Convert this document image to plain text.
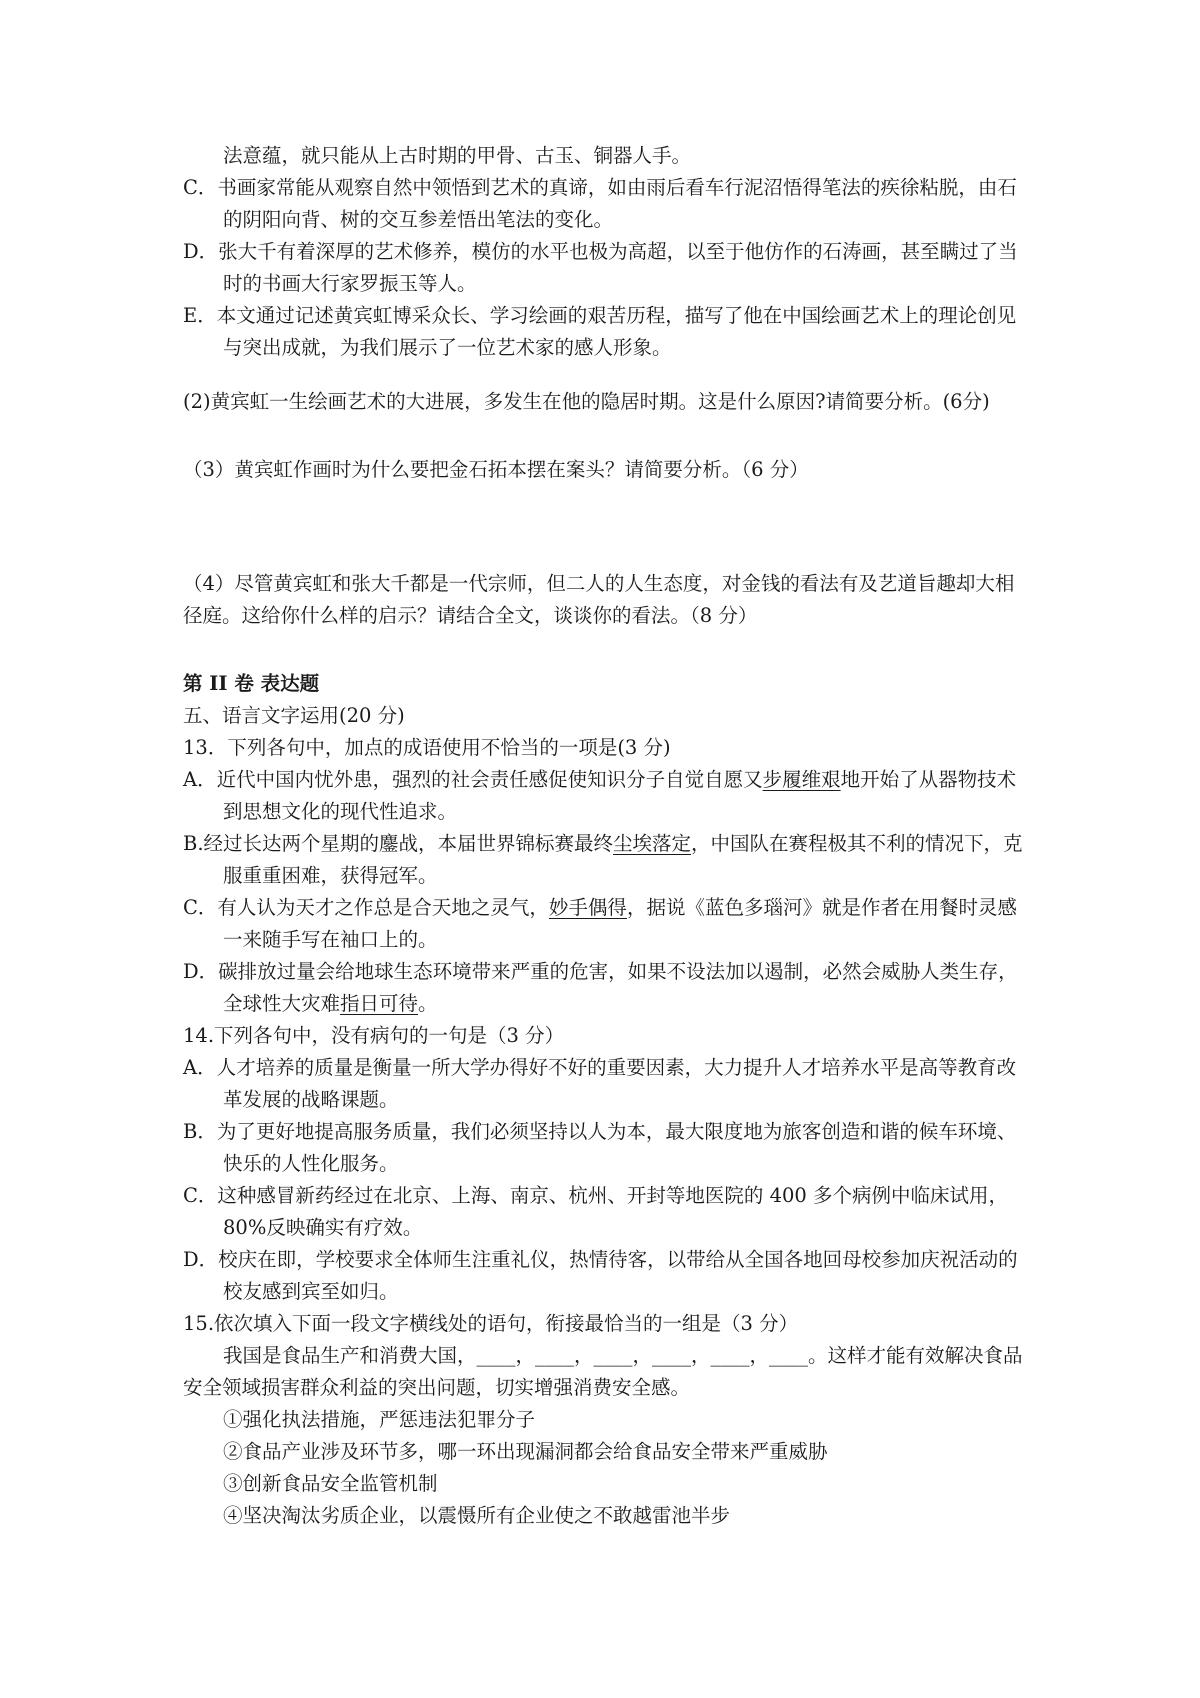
法意蕴，就只能从上古时期的甲骨、古玉、铜器人手。

C．书画家常能从观察自然中领悟到艺术的真谛，如由雨后看车行泥沼悟得笔法的疾徐粘脱，由石的阴阳向背、树的交互参差悟出笔法的变化。

D．张大千有着深厚的艺术修养，模仿的水平也极为高超，以至于他仿作的石涛画，甚至瞒过了当时的书画大行家罗振玉等人。

E．本文通过记述黄宾虹博采众长、学习绘画的艰苦历程，描写了他在中国绘画艺术上的理论创见与突出成就，为我们展示了一位艺术家的感人形象。

(2)黄宾虹一生绘画艺术的大进展，多发生在他的隐居时期。这是什么原因?请简要分析。(6分)

（3）黄宾虹作画时为什么要把金石拓本摆在案头？请简要分析。（6 分）

（4）尽管黄宾虹和张大千都是一代宗师，但二人的人生态度，对金钱的看法有及艺道旨趣却大相径庭。这给你什么样的启示？请结合全文，谈谈你的看法。（8 分）

第 II 卷 表达题

五、语言文字运用(20 分)

13．下列各句中，加点的成语使用不恰当的一项是(3 分)

A．近代中国内忧外患，强烈的社会责任感促使知识分子自觉自愿又步履维艰地开始了从器物技术到思想文化的现代性追求。

B.经过长达两个星期的鏖战，本届世界锦标赛最终尘埃落定，中国队在赛程极其不利的情况下，克服重重困难，获得冠军。

C．有人认为天才之作总是合天地之灵气，妙手偶得，据说《蓝色多瑙河》就是作者在用餐时灵感一来随手写在袖口上的。

D．碳排放过量会给地球生态环境带来严重的危害，如果不设法加以遏制，必然会威胁人类生存，全球性大灾难指日可待。

14.下列各句中，没有病句的一句是（3 分）

A．人才培养的质量是衡量一所大学办得好不好的重要因素，大力提升人才培养水平是高等教育改革发展的战略课题。

B．为了更好地提高服务质量，我们必须坚持以人为本，最大限度地为旅客创造和谐的候车环境、快乐的人性化服务。

C．这种感冒新药经过在北京、上海、南京、杭州、开封等地医院的 400 多个病例中临床试用，80%反映确实有疗效。

D．校庆在即，学校要求全体师生注重礼仪，热情待客，以带给从全国各地回母校参加庆祝活动的校友感到宾至如归。

15.依次填入下面一段文字横线处的语句，衔接最恰当的一组是（3 分）

我国是食品生产和消费大国，____，____，____，____，____，____。这样才能有效解决食品安全领域损害群众利益的突出问题，切实增强消费安全感。

①强化执法措施，严惩违法犯罪分子

②食品产业涉及环节多，哪一环出现漏洞都会给食品安全带来严重威胁

③创新食品安全监管机制

④坚决淘汰劣质企业，以震慑所有企业使之不敢越雷池半步
